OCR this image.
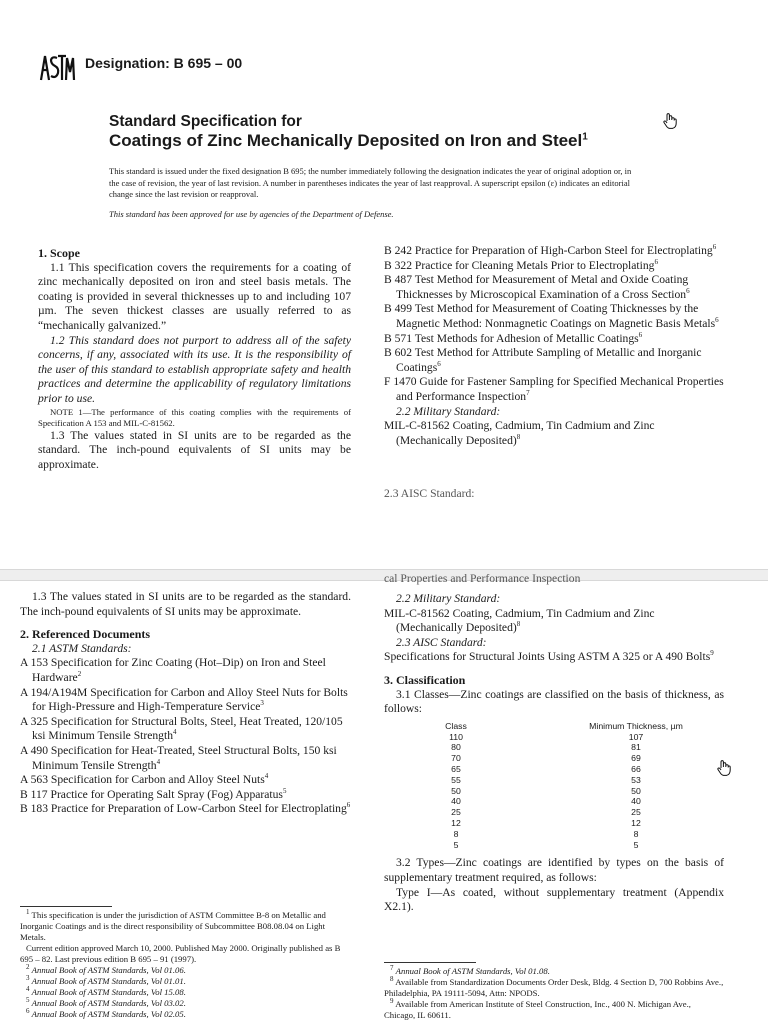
Designation: B 695 – 00
Standard Specification for
Coatings of Zinc Mechanically Deposited on Iron and Steel$^1$

This standard is issued under the fixed designation B 695; the number immediately following the designation indicates the year of original adoption or, in the case of revision, the year of last revision. A number in parentheses indicates the year of last reapproval. A superscript epsilon (ε) indicates an editorial change since the last revision or reapproval.

This standard has been approved for use by agencies of the Department of Defense.

1. Scope

1.1 This specification covers the requirements for a coating of zinc mechanically deposited on iron and steel basis metals. The coating is provided in several thicknesses up to and including 107 µm. The seven thickest classes are usually referred to as “mechanically galvanized.”

1.2 This standard does not purport to address all of the safety concerns, if any, associated with its use. It is the responsibility of the user of this standard to establish appropriate safety and health practices and determine the applicability of regulatory limitations prior to use.

NOTE 1—The performance of this coating complies with the requirements of Specification A 153 and MIL-C-81562.

1.3 The values stated in SI units are to be regarded as the standard. The inch-pound equivalents of SI units may be approximate.

B 242 Practice for Preparation of High-Carbon Steel for Electroplating$^6$

B 322 Practice for Cleaning Metals Prior to Electroplating$^6$

B 487 Test Method for Measurement of Metal and Oxide Coating Thicknesses by Microscopical Examination of a Cross Section$^6$

B 499 Test Method for Measurement of Coating Thicknesses by the Magnetic Method: Nonmagnetic Coatings on Magnetic Basis Metals$^6$

B 571 Test Methods for Adhesion of Metallic Coatings$^6$

B 602 Test Method for Attribute Sampling of Metallic and Inorganic Coatings$^6$

F 1470 Guide for Fastener Sampling for Specified Mechanical Properties and Performance Inspection$^7$

2.2 Military Standard:

MIL-C-81562 Coating, Cadmium, Tin Cadmium and Zinc (Mechanically Deposited)$^8$

2.3 AISC Standard:
cal Properties and Performance Inspection

1.3 The values stated in SI units are to be regarded as the standard. The inch-pound equivalents of SI units may be approximate.

2. Referenced Documents

2.1 ASTM Standards:

A 153 Specification for Zinc Coating (Hot–Dip) on Iron and Steel Hardware$^2$

A 194/A194M Specification for Carbon and Alloy Steel Nuts for Bolts for High-Pressure and High-Temperature Service$^3$

A 325 Specification for Structural Bolts, Steel, Heat Treated, 120/105 ksi Minimum Tensile Strength$^4$

A 490 Specification for Heat-Treated, Steel Structural Bolts, 150 ksi Minimum Tensile Strength$^4$

A 563 Specification for Carbon and Alloy Steel Nuts$^4$

B 117 Practice for Operating Salt Spray (Fog) Apparatus$^5$

B 183 Practice for Preparation of Low-Carbon Steel for Electroplating$^6$

$^1$ This specification is under the jurisdiction of ASTM Committee B-8 on Metallic and Inorganic Coatings and is the direct responsibility of Subcommittee B08.08.04 on Light Metals.

Current edition approved March 10, 2000. Published May 2000. Originally published as B 695 – 82. Last previous edition B 695 – 91 (1997).

$^2$ Annual Book of ASTM Standards, Vol 01.06.

$^3$ Annual Book of ASTM Standards, Vol 01.01.

$^4$ Annual Book of ASTM Standards, Vol 15.08.

$^5$ Annual Book of ASTM Standards, Vol 03.02.

$^6$ Annual Book of ASTM Standards, Vol 02.05.

2.2 Military Standard:

MIL-C-81562 Coating, Cadmium, Tin Cadmium and Zinc (Mechanically Deposited)$^8$

2.3 AISC Standard:

Specifications for Structural Joints Using ASTM A 325 or A 490 Bolts$^9$

3. Classification

3.1 Classes—Zinc coatings are classified on the basis of thickness, as follows:

Class		Minimum Thickness, µm
110		107
80		81
70		69
65		66
55		53
50		50
40		40
25		25
12		12
8		8
5		5

3.2 Types—Zinc coatings are identified by types on the basis of supplementary treatment required, as follows:

Type I—As coated, without supplementary treatment (Appendix X2.1).

$^7$ Annual Book of ASTM Standards, Vol 01.08.

$^8$ Available from Standardization Documents Order Desk, Bldg. 4 Section D, 700 Robbins Ave., Philadelphia, PA 19111-5094, Attn: NPODS.

$^9$ Available from American Institute of Steel Construction, Inc., 400 N. Michigan Ave., Chicago, IL 60611.
